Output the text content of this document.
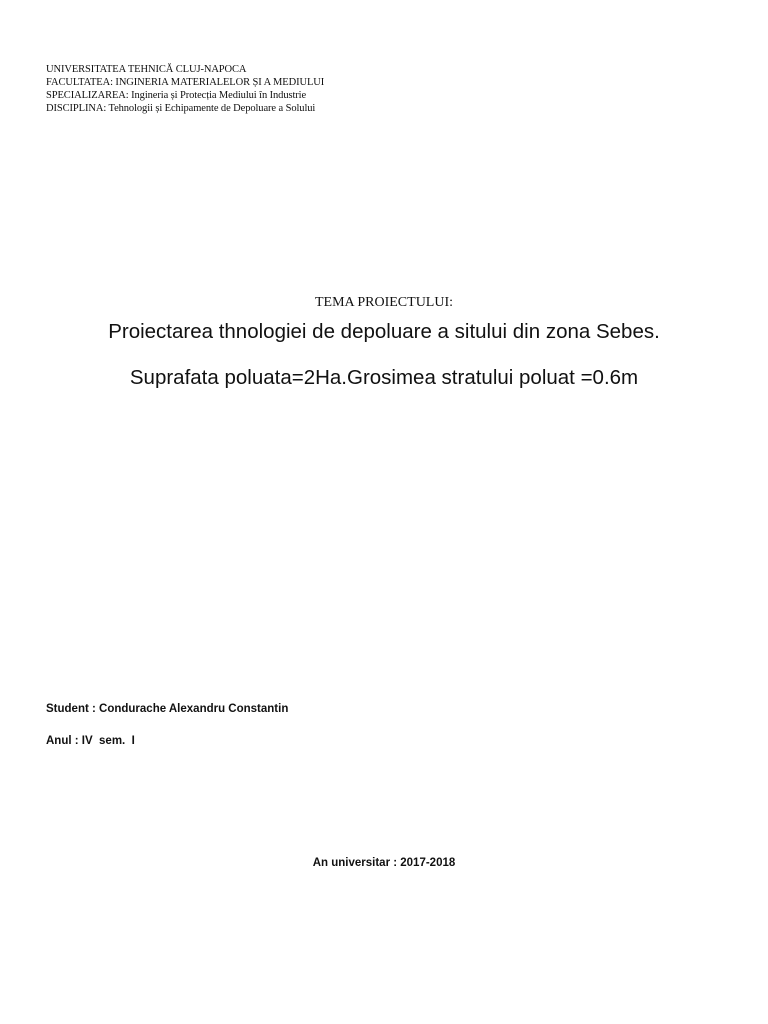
UNIVERSITATEA TEHNICĂ CLUJ-NAPOCA
FACULTATEA: INGINERIA MATERIALELOR ȘI A MEDIULUI
SPECIALIZAREA: Ingineria și Protecția Mediului în Industrie
DISCIPLINA: Tehnologii și Echipamente de Depoluare a Solului
TEMA PROIECTULUI:
Proiectarea thnologiei de depoluare a sitului din zona Sebes.
Suprafata poluata=2Ha.Grosimea stratului poluat =0.6m
Student : Condurache Alexandru Constantin
Anul : IV  sem.  I
An universitar : 2017-2018
